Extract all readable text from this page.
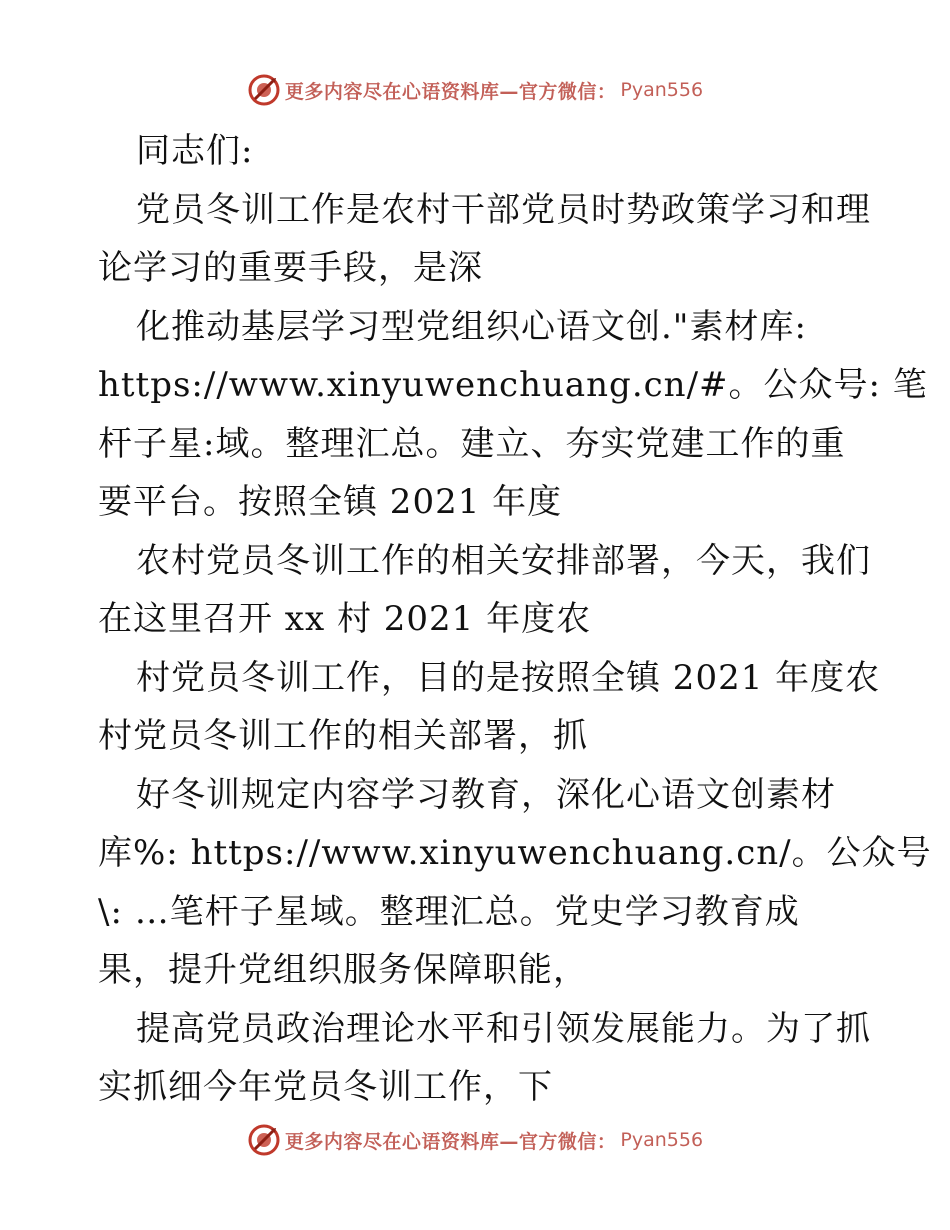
更多内容尽在心语资料库—官方微信： Pyan556
同志们:
党员冬训工作是农村干部党员时势政策学习和理
论学习的重要手段，是深
化推动基层学习型党组织心语文创."素材库:
https://www.xinyuwenchuang.cn/#。公众号: 笔
杆子星:域。整理汇总。建立、夯实党建工作的重
要平台。按照全镇 2021 年度
农村党员冬训工作的相关安排部署，今天，我们
在这里召开 xx 村 2021 年度农
村党员冬训工作，目的是按照全镇 2021 年度农
村党员冬训工作的相关部署，抓
好冬训规定内容学习教育，深化心语文创素材
库%: https://www.xinyuwenchuang.cn/。公众号
\: …笔杆子星域。整理汇总。党史学习教育成
果，提升党组织服务保障职能，
提高党员政治理论水平和引领发展能力。为了抓
实抓细今年党员冬训工作，下
更多内容尽在心语资料库—官方微信： Pyan556
